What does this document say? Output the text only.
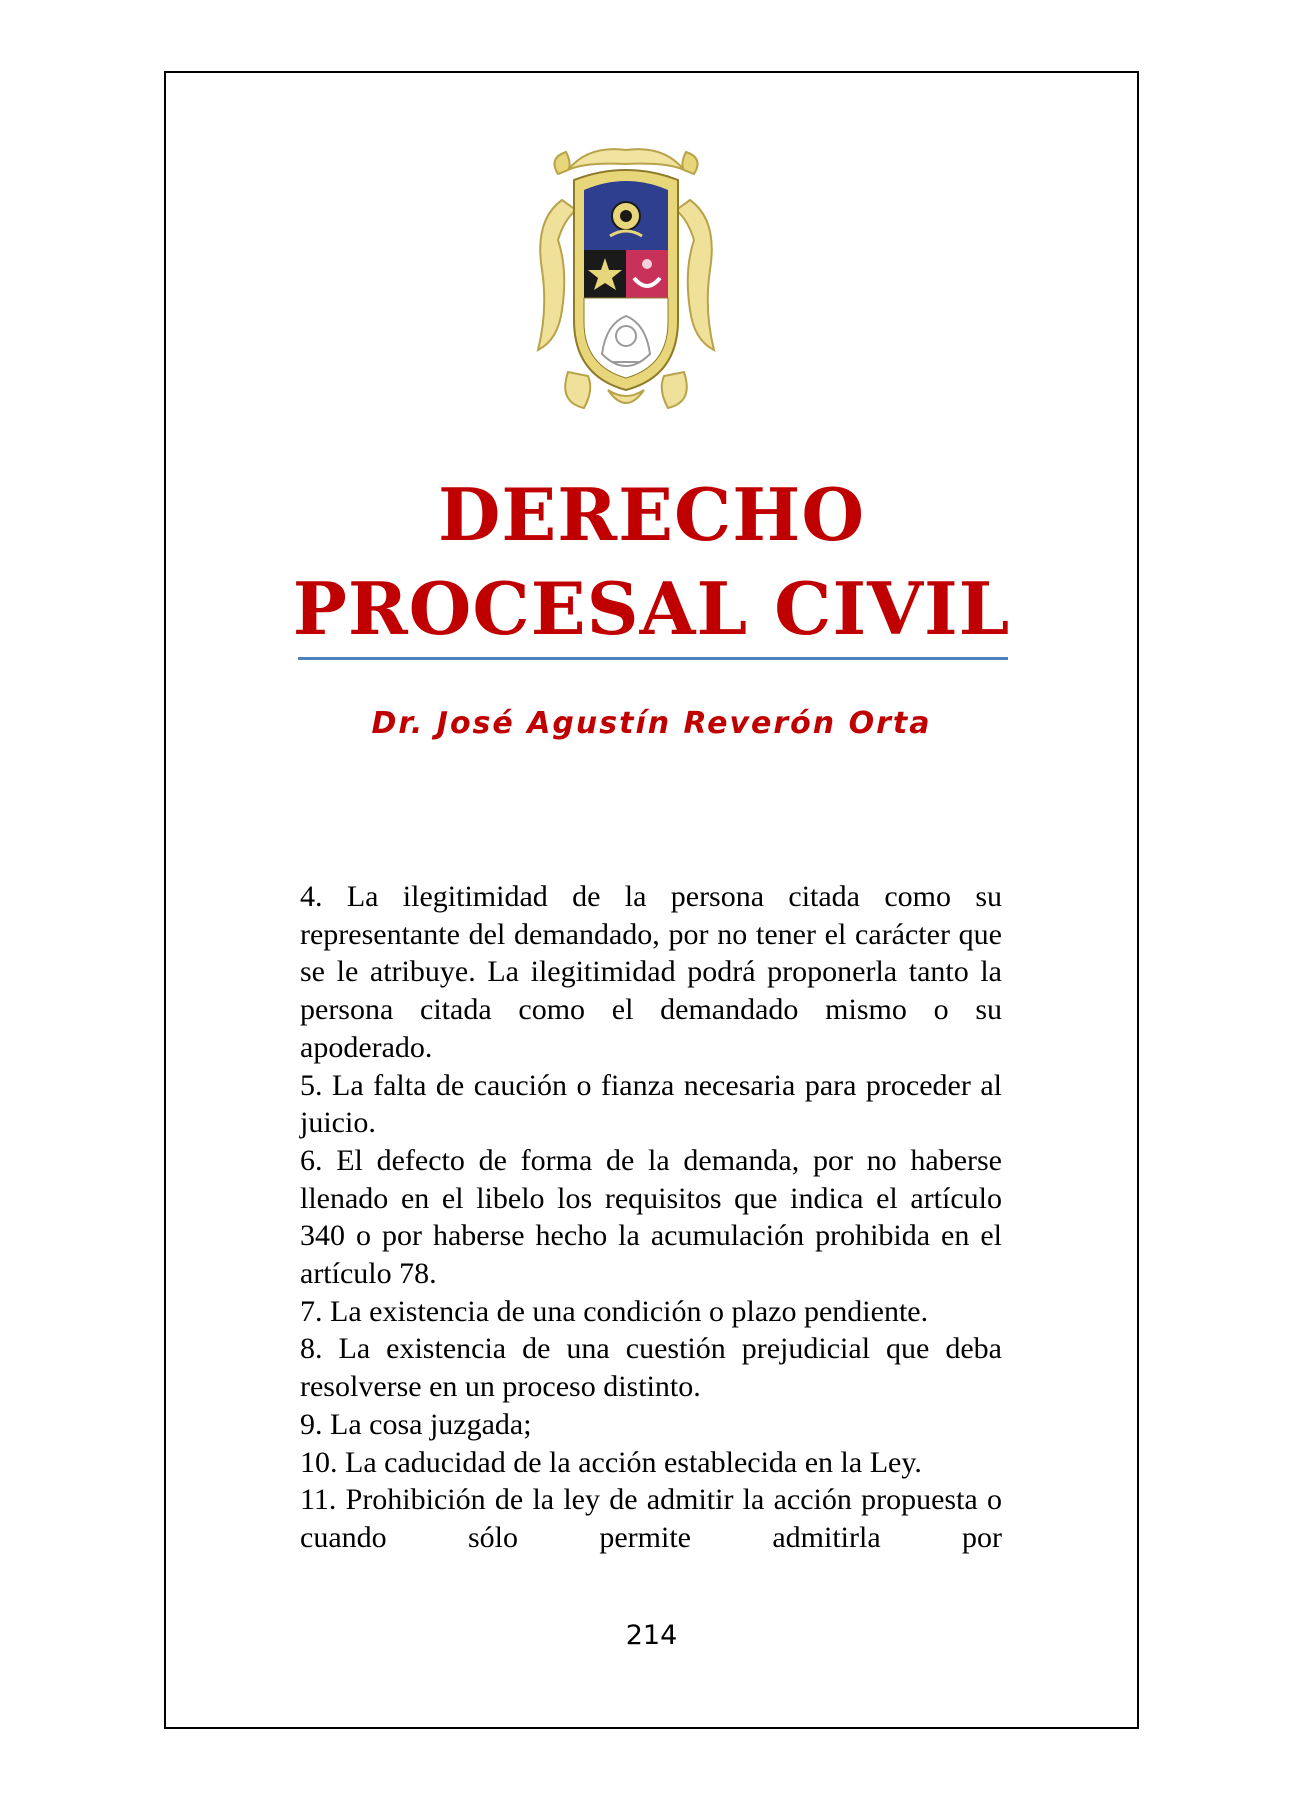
DERECHO
PROCESAL CIVIL
Dr. José Agustín Reverón Orta

4. La ilegitimidad de la persona citada como su representante del demandado, por no tener el carácter que se le atribuye. La ilegitimidad podrá proponerla tanto la persona citada como el demandado mismo o su apoderado.

5. La falta de caución o fianza necesaria para proceder al juicio.

6. El defecto de forma de la demanda, por no haberse llenado en el libelo los requisitos que indica el artículo 340 o por haberse hecho la acumulación prohibida en el artículo 78.

7. La existencia de una condición o plazo pendiente.

8. La existencia de una cuestión prejudicial que deba resolverse en un proceso distinto.

9. La cosa juzgada;

10. La caducidad de la acción establecida en la Ley.

11. Prohibición de la ley de admitir la acción propuesta o cuando sólo permite admitirla por

214
